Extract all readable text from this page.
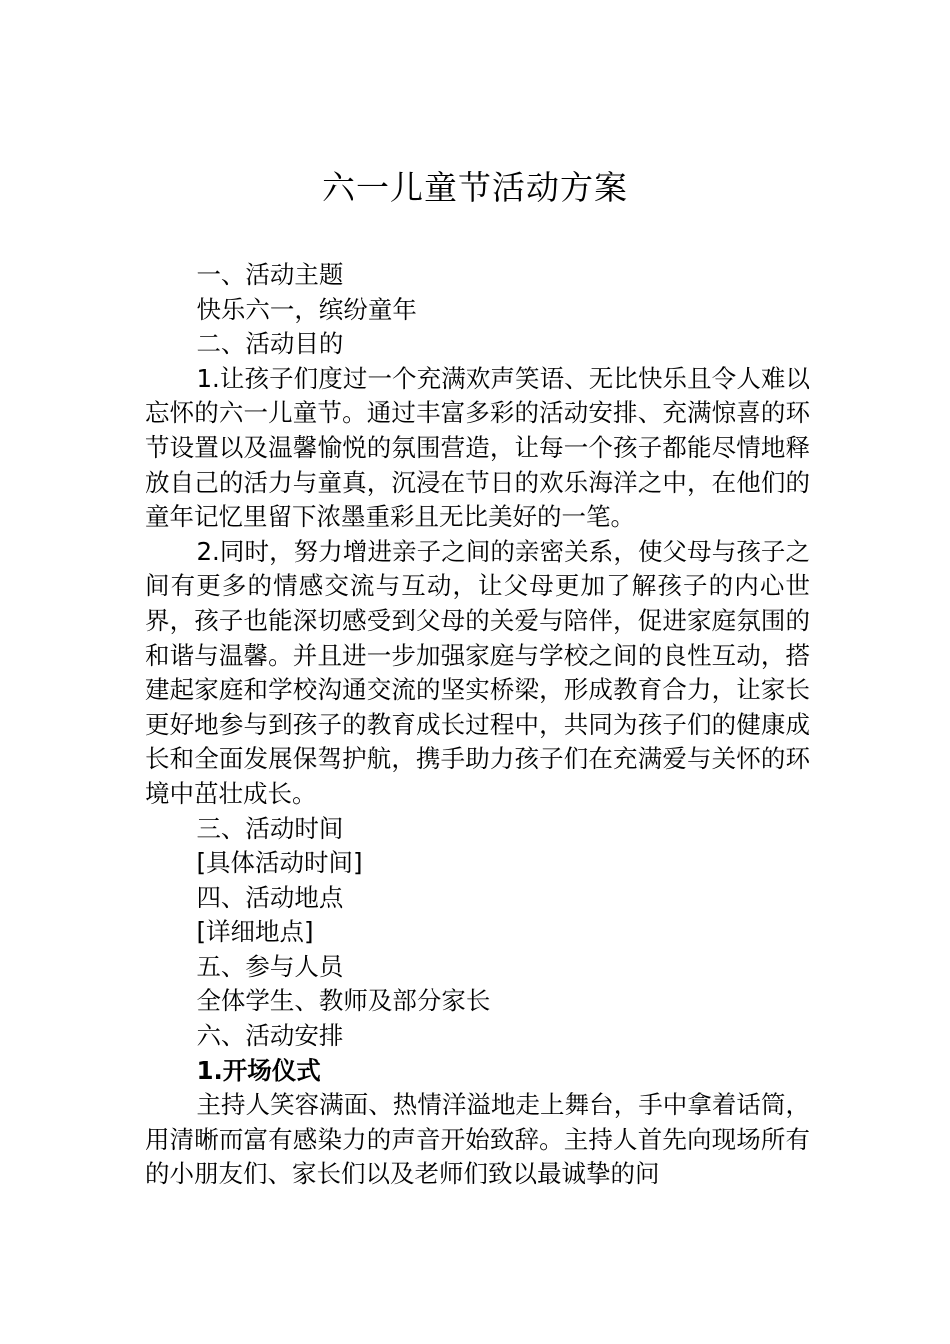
六一儿童节活动方案

一、活动主题

快乐六一，缤纷童年

二、活动目的

1.让孩子们度过一个充满欢声笑语、无比快乐且令人难以忘怀的六一儿童节。通过丰富多彩的活动安排、充满惊喜的环节设置以及温馨愉悦的氛围营造，让每一个孩子都能尽情地释放自己的活力与童真，沉浸在节日的欢乐海洋之中，在他们的童年记忆里留下浓墨重彩且无比美好的一笔。

2.同时，努力增进亲子之间的亲密关系，使父母与孩子之间有更多的情感交流与互动，让父母更加了解孩子的内心世界，孩子也能深切感受到父母的关爱与陪伴，促进家庭氛围的和谐与温馨。并且进一步加强家庭与学校之间的良性互动，搭建起家庭和学校沟通交流的坚实桥梁，形成教育合力，让家长更好地参与到孩子的教育成长过程中，共同为孩子们的健康成长和全面发展保驾护航，携手助力孩子们在充满爱与关怀的环境中茁壮成长。

三、活动时间

[具体活动时间]

四、活动地点

[详细地点]

五、参与人员

全体学生、教师及部分家长

六、活动安排

1.开场仪式

主持人笑容满面、热情洋溢地走上舞台，手中拿着话筒，用清晰而富有感染力的声音开始致辞。主持人首先向现场所有的小朋友们、家长们以及老师们致以最诚挚的问
